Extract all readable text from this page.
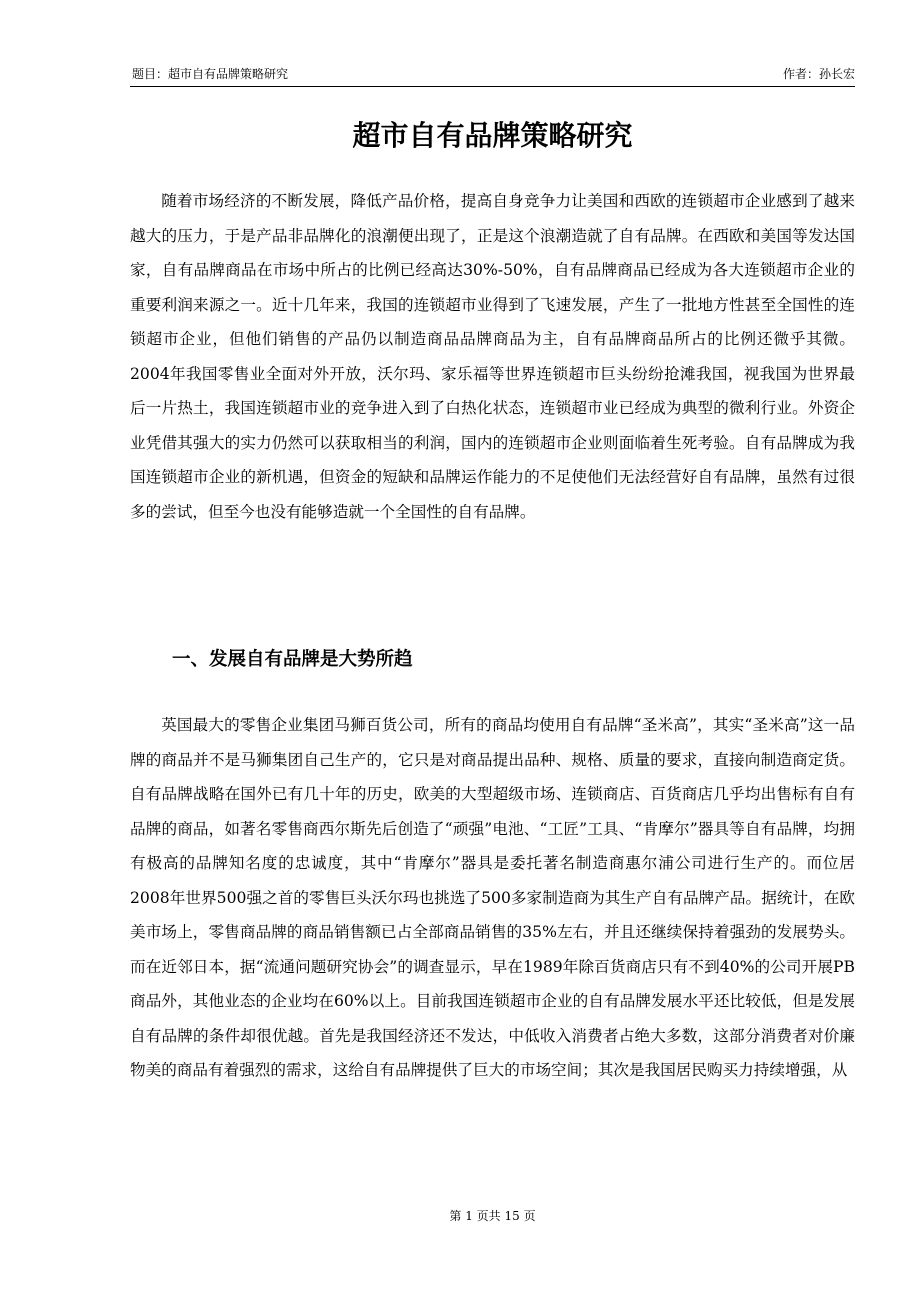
题目：超市自有品牌策略研究	作者：孙长宏
超市自有品牌策略研究

随着市场经济的不断发展，降低产品价格，提高自身竞争力让美国和西欧的连锁超市企业感到了越来越大的压力，于是产品非品牌化的浪潮便出现了，正是这个浪潮造就了自有品牌。在西欧和美国等发达国家，自有品牌商品在市场中所占的比例已经高达30%-50%，自有品牌商品已经成为各大连锁超市企业的重要利润来源之一。近十几年来，我国的连锁超市业得到了飞速发展，产生了一批地方性甚至全国性的连锁超市企业，但他们销售的产品仍以制造商品品牌商品为主，自有品牌商品所占的比例还微乎其微。2004年我国零售业全面对外开放，沃尔玛、家乐福等世界连锁超市巨头纷纷抢滩我国，视我国为世界最后一片热土，我国连锁超市业的竞争进入到了白热化状态，连锁超市业已经成为典型的微利行业。外资企业凭借其强大的实力仍然可以获取相当的利润，国内的连锁超市企业则面临着生死考验。自有品牌成为我国连锁超市企业的新机遇，但资金的短缺和品牌运作能力的不足使他们无法经营好自有品牌，虽然有过很多的尝试，但至今也没有能够造就一个全国性的自有品牌。

一、发展自有品牌是大势所趋

英国最大的零售企业集团马狮百货公司，所有的商品均使用自有品牌“圣米高”，其实“圣米高”这一品牌的商品并不是马狮集团自己生产的，它只是对商品提出品种、规格、质量的要求，直接向制造商定货。自有品牌战略在国外已有几十年的历史，欧美的大型超级市场、连锁商店、百货商店几乎均出售标有自有品牌的商品，如著名零售商西尔斯先后创造了“顽强”电池、“工匠”工具、“肯摩尔”器具等自有品牌，均拥有极高的品牌知名度的忠诚度，其中“肯摩尔”器具是委托著名制造商惠尔浦公司进行生产的。而位居2008年世界500强之首的零售巨头沃尔玛也挑选了500多家制造商为其生产自有品牌产品。据统计，在欧美市场上，零售商品牌的商品销售额已占全部商品销售的35%左右，并且还继续保持着强劲的发展势头。而在近邻日本，据“流通问题研究协会”的调查显示，早在1989年除百货商店只有不到40%的公司开展PB商品外，其他业态的企业均在60%以上。目前我国连锁超市企业的自有品牌发展水平还比较低，但是发展自有品牌的条件却很优越。首先是我国经济还不发达，中低收入消费者占绝大多数，这部分消费者对价廉物美的商品有着强烈的需求，这给自有品牌提供了巨大的市场空间；其次是我国居民购买力持续增强，从

第 1 页共 15 页
